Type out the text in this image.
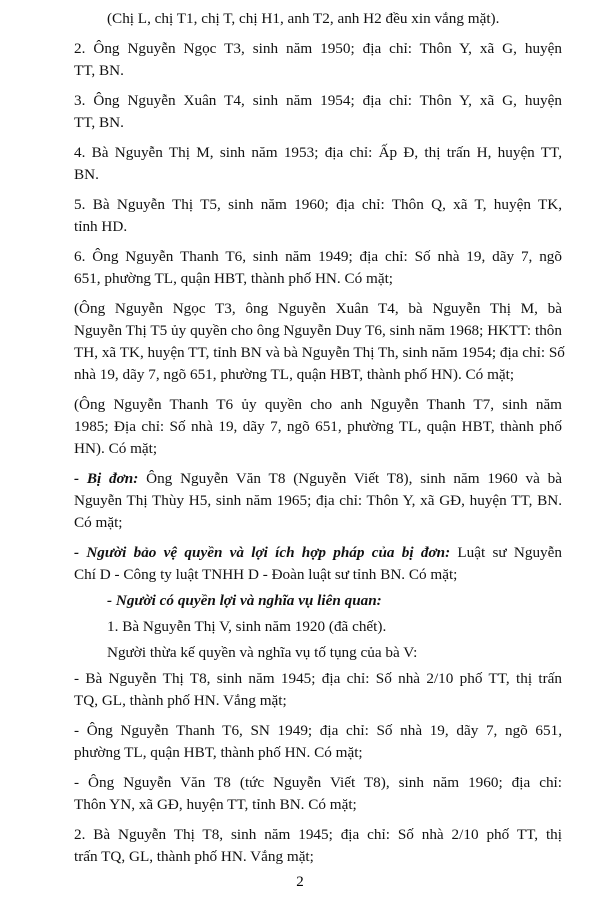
(Chị L, chị T1, chị T, chị H1, anh T2, anh H2 đều xin vắng mặt).
2. Ông Nguyễn Ngọc T3, sinh năm 1950; địa chỉ: Thôn Y, xã G, huyện
TT, BN.
3. Ông Nguyễn Xuân T4, sinh năm 1954; địa chỉ: Thôn Y, xã G, huyện
TT, BN.
4. Bà Nguyễn Thị M, sinh năm 1953; địa chỉ: Ấp Đ, thị trấn H, huyện TT,
BN.
5. Bà Nguyễn Thị T5, sinh năm 1960; địa chỉ: Thôn Q, xã T, huyện TK,
tỉnh HD.
6. Ông Nguyễn Thanh T6, sinh năm 1949; địa chỉ: Số nhà 19, dãy 7, ngõ
651, phường TL, quận HBT, thành phố HN. Có mặt;
(Ông Nguyễn Ngọc T3, ông Nguyễn Xuân T4, bà Nguyễn Thị M, bà
Nguyễn Thị T5 ủy quyền cho ông Nguyễn Duy T6, sinh năm 1968; HKTT: thôn
TH, xã TK, huyện TT, tỉnh BN và bà Nguyễn Thị Th, sinh năm 1954; địa chỉ: Số
nhà 19, dãy 7, ngõ 651, phường TL, quận HBT, thành phố HN). Có mặt;
(Ông Nguyễn Thanh T6 ủy quyền cho anh Nguyễn Thanh T7, sinh năm
1985; Địa chỉ: Số nhà 19, dãy 7, ngõ 651, phường TL, quận HBT, thành phố
HN). Có mặt;
- Bị đơn: Ông Nguyễn Văn T8 (Nguyễn Viết T8), sinh năm 1960 và bà
Nguyễn Thị Thùy H5, sinh năm 1965; địa chỉ: Thôn Y, xã GĐ, huyện TT, BN.
Có mặt;
- Người bảo vệ quyền và lợi ích hợp pháp của bị đơn: Luật sư Nguyễn
Chí D - Công ty luật TNHH D - Đoàn luật sư tỉnh BN. Có mặt;
- Người có quyền lợi và nghĩa vụ liên quan:
1. Bà Nguyễn Thị V, sinh năm 1920 (đã chết).
Người thừa kế quyền và nghĩa vụ tố tụng của bà V:
- Bà Nguyễn Thị T8, sinh năm 1945; địa chỉ: Số nhà 2/10 phố TT, thị trấn
TQ, GL, thành phố HN. Vắng mặt;
- Ông Nguyễn Thanh T6, SN 1949; địa chỉ: Số nhà 19, dãy 7, ngõ 651,
phường TL, quận HBT, thành phố HN. Có mặt;
- Ông Nguyễn Văn T8 (tức Nguyễn Viết T8), sinh năm 1960; địa chỉ:
Thôn YN, xã GĐ, huyện TT, tỉnh BN. Có mặt;
2. Bà Nguyễn Thị T8, sinh năm 1945; địa chỉ: Số nhà 2/10 phố TT, thị
trấn TQ, GL, thành phố HN. Vắng mặt;
2
